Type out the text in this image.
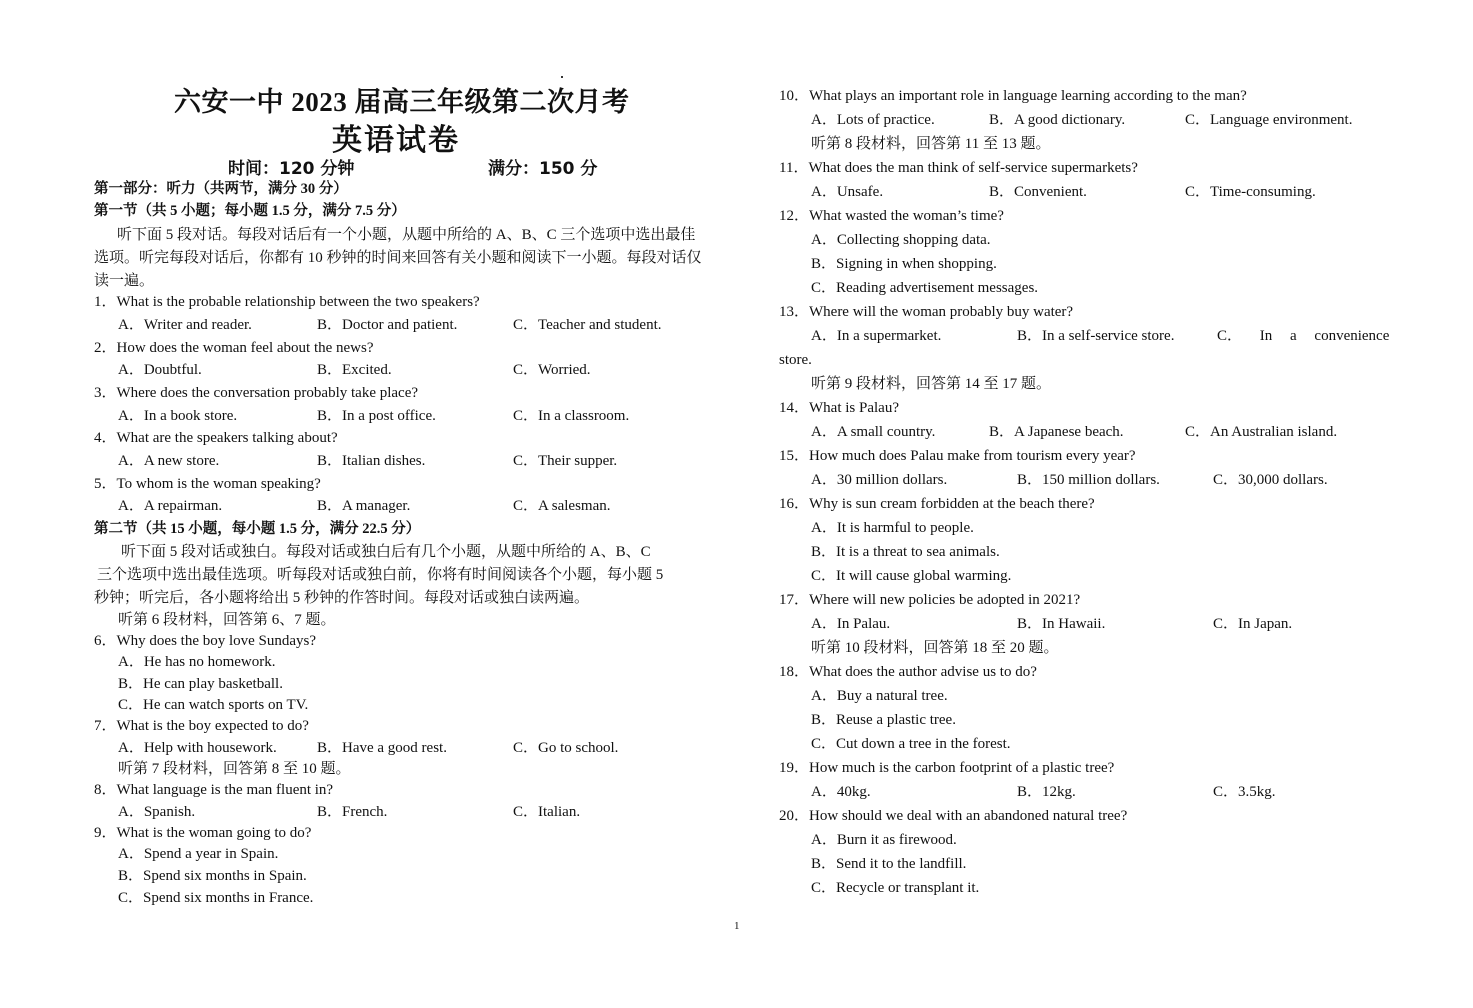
六安一中 2023 届高三年级第二次月考
英语试卷
时间：120 分钟	满分：150 分
第一部分：听力（共两节，满分 30 分）
第一节（共 5 小题；每小题 1.5 分，满分 7.5 分）
听下面 5 段对话。每段对话后有一个小题，从题中所给的 A、B、C 三个选项中选出最佳
选项。听完每段对话后，你都有 10 秒钟的时间来回答有关小题和阅读下一小题。每段对话仅
读一遍。
1．What is the probable relationship between the two speakers?
A．Writer and reader.	B．Doctor and patient.	C．Teacher and student.
2．How does the woman feel about the news?
A．Doubtful.	B．Excited.	C．Worried.
3．Where does the conversation probably take place?
A．In a book store.	B．In a post office.	C．In a classroom.
4．What are the speakers talking about?
A．A new store.	B．Italian dishes.	C．Their supper.
5．To whom is the woman speaking?
A．A repairman.	B．A manager.	C．A salesman.
第二节（共 15 小题，每小题 1.5 分，满分 22.5 分）
听下面 5 段对话或独白。每段对话或独白后有几个小题，从题中所给的 A、B、C
三个选项中选出最佳选项。听每段对话或独白前，你将有时间阅读各个小题，每小题 5
秒钟；听完后，各小题将给出 5 秒钟的作答时间。每段对话或独白读两遍。
听第 6 段材料，回答第 6、7 题。
6．Why does the boy love Sundays?
A．He has no homework.
B．He can play basketball.
C．He can watch sports on TV.
7．What is the boy expected to do?
A．Help with housework.	B．Have a good rest.	C．Go to school.
听第 7 段材料，回答第 8 至 10 题。
8．What language is the man fluent in?
A．Spanish.	B．French.	C．Italian.
9．What is the woman going to do?
A．Spend a year in Spain.
B．Spend six months in Spain.
C．Spend six months in France.
10．What plays an important role in language learning according to the man?
A．Lots of practice.	B．A good dictionary.	C．Language environment.
听第 8 段材料，回答第 11 至 13 题。
11．What does the man think of self-service supermarkets?
A．Unsafe.	B．Convenient.	C．Time-consuming.
12．What wasted the woman’s time?
A．Collecting shopping data.
B．Signing in when shopping.
C．Reading advertisement messages.
13．Where will the woman probably buy water?
A．In a supermarket.	B．In a self-service store.	C． In a convenience
store.
听第 9 段材料，回答第 14 至 17 题。
14．What is Palau?
A．A small country.	B．A Japanese beach.	C．An Australian island.
15．How much does Palau make from tourism every year?
A．30 million dollars.	B．150 million dollars.	C．30,000 dollars.
16．Why is sun cream forbidden at the beach there?
A．It is harmful to people.
B．It is a threat to sea animals.
C．It will cause global warming.
17．Where will new policies be adopted in 2021?
A．In Palau.	B．In Hawaii.	C．In Japan.
听第 10 段材料，回答第 18 至 20 题。
18．What does the author advise us to do?
A．Buy a natural tree.
B．Reuse a plastic tree.
C．Cut down a tree in the forest.
19．How much is the carbon footprint of a plastic tree?
A．40kg.	B．12kg.	C．3.5kg.
20．How should we deal with an abandoned natural tree?
A．Burn it as firewood.
B．Send it to the landfill.
C．Recycle or transplant it.
1
